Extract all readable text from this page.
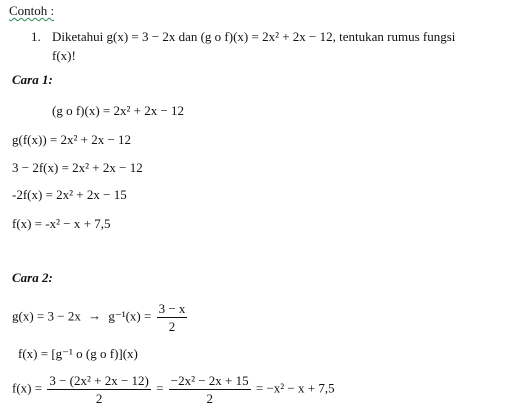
Contoh :
1. Diketahui g(x) = 3 − 2x dan (g o f)(x) = 2x² + 2x − 12, tentukan rumus fungsi
f(x)!
Cara 1:
(g o f)(x) = 2x² + 2x − 12
g(f(x)) = 2x² + 2x − 12
3 − 2f(x) = 2x² + 2x − 12
-2f(x) = 2x² + 2x − 15
f(x) = -x² − x + 7,5
Cara 2:
$g(x) = 3 - 2x \to g^{-1}(x) = \frac{3 - x}{2}$
f(x) = [g⁻¹ o (g o f)](x)
$f(x) = \frac{\text{3 − (2x² + 2x − 12)}}{2} = \frac{\text{−2x² − 2x + 15}}{2} = -x^2 - x + 7,5$
